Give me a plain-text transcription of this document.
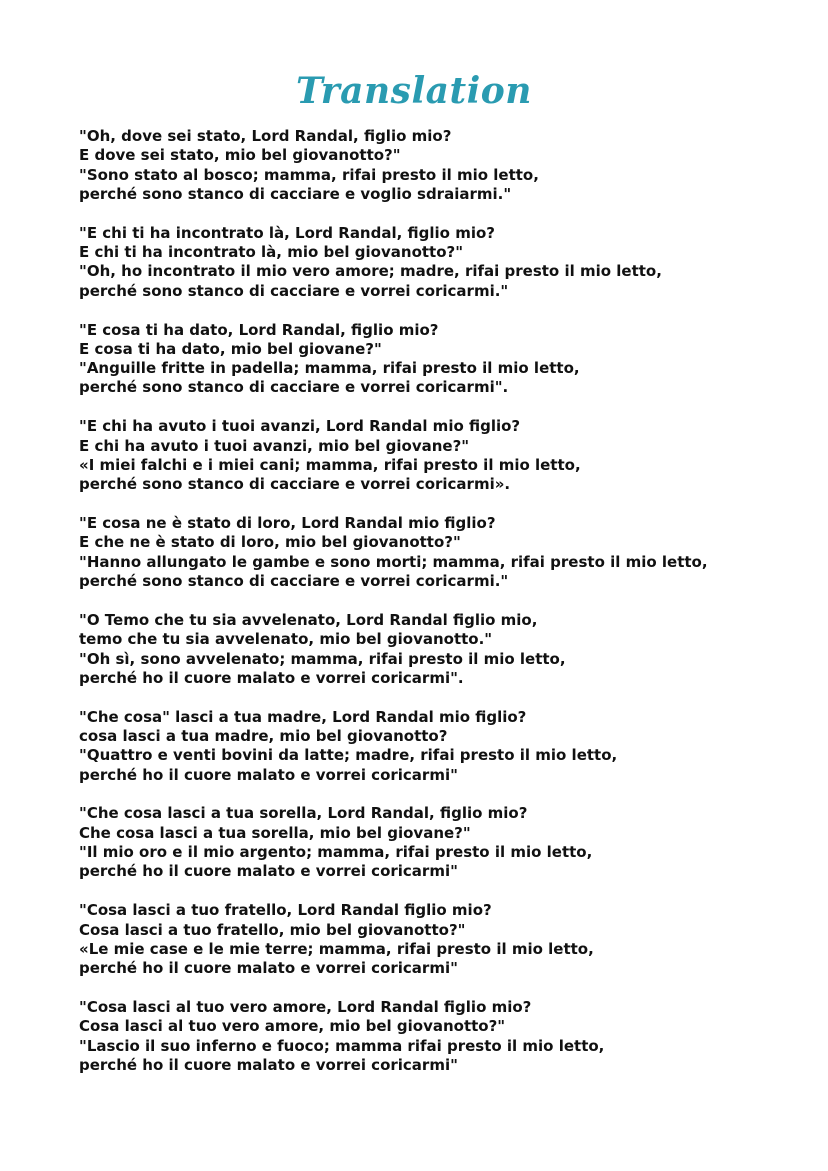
Translation
"Oh, dove sei stato, Lord Randal, figlio mio?
E dove sei stato, mio bel giovanotto?"
"Sono stato al bosco; mamma, rifai presto il mio letto,
perché sono stanco di cacciare e voglio sdraiarmi."
"E chi ti ha incontrato là, Lord Randal, figlio mio?
E chi ti ha incontrato là, mio bel giovanotto?"
"Oh, ho incontrato il mio vero amore; madre, rifai presto il mio letto,
perché sono stanco di cacciare e vorrei coricarmi."
"E cosa ti ha dato, Lord Randal, figlio mio?
E cosa ti ha dato, mio bel giovane?"
"Anguille fritte in padella; mamma, rifai presto il mio letto,
perché sono stanco di cacciare e vorrei coricarmi".
"E chi ha avuto i tuoi avanzi, Lord Randal mio figlio?
E chi ha avuto i tuoi avanzi, mio bel giovane?"
«I miei falchi e i miei cani; mamma, rifai presto il mio letto,
perché sono stanco di cacciare e vorrei coricarmi».
"E cosa ne è stato di loro, Lord Randal mio figlio?
E che ne è stato di loro, mio bel giovanotto?"
"Hanno allungato le gambe e sono morti; mamma, rifai presto il mio letto,
perché sono stanco di cacciare e vorrei coricarmi."
"O Temo che tu sia avvelenato, Lord Randal figlio mio,
temo che tu sia avvelenato, mio bel giovanotto."
"Oh sì, sono avvelenato; mamma, rifai presto il mio letto,
perché ho il cuore malato e vorrei coricarmi".
"Che cosa" lasci a tua madre, Lord Randal mio figlio?
cosa lasci a tua madre, mio bel giovanotto?
"Quattro e venti bovini da latte; madre, rifai presto il mio letto,
perché ho il cuore malato e vorrei coricarmi"
"Che cosa lasci a tua sorella, Lord Randal, figlio mio?
Che cosa lasci a tua sorella, mio bel giovane?"
"Il mio oro e il mio argento; mamma, rifai presto il mio letto,
perché ho il cuore malato e vorrei coricarmi"
"Cosa lasci a tuo fratello, Lord Randal figlio mio?
Cosa lasci a tuo fratello, mio bel giovanotto?"
«Le mie case e le mie terre; mamma, rifai presto il mio letto,
perché ho il cuore malato e vorrei coricarmi"
"Cosa lasci al tuo vero amore, Lord Randal figlio mio?
Cosa lasci al tuo vero amore, mio bel giovanotto?"
"Lascio il suo inferno e fuoco; mamma rifai presto il mio letto,
perché ho il cuore malato e vorrei coricarmi"
